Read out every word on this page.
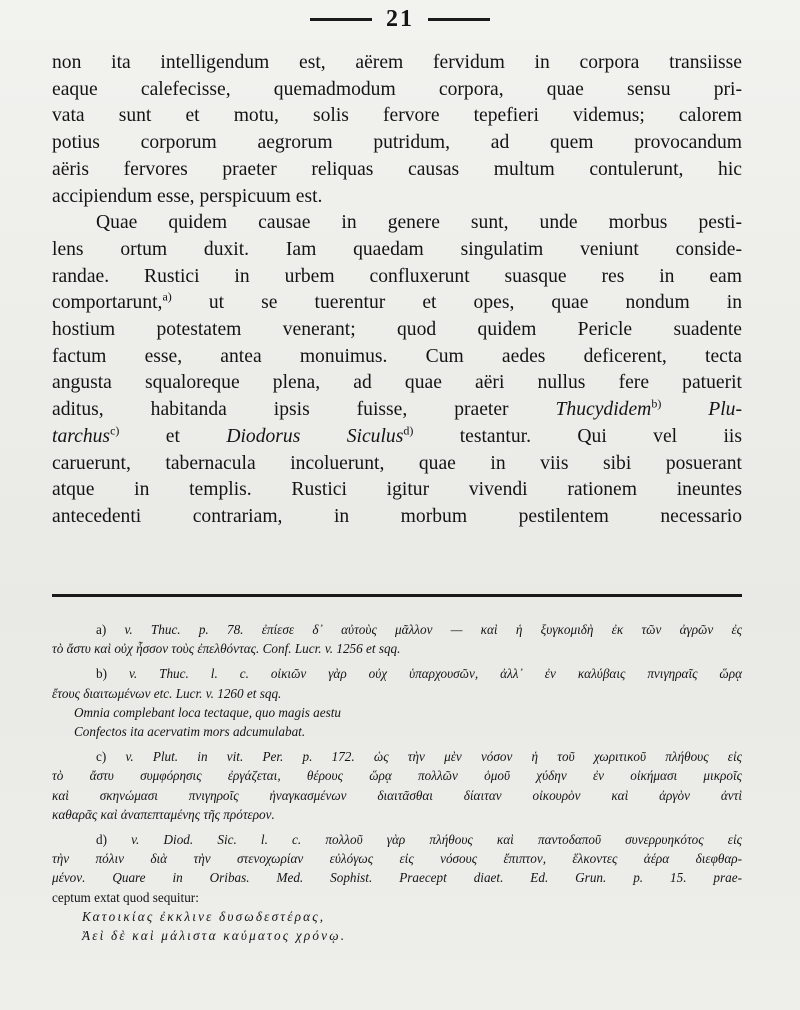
21
non ita intelligendum est, aërem fervidum in corpora transiisse
eaque calefecisse, quemadmodum corpora, quae sensu pri-
vata sunt et motu, solis fervore tepefieri videmus; calorem
potius corporum aegrorum putridum, ad quem provocandum
aëris fervores praeter reliquas causas multum contulerunt, hic
accipiendum esse, perspicuum est.
Quae quidem causae in genere sunt, unde morbus pesti-
lens ortum duxit. Iam quaedam singulatim veniunt conside-
randae. Rustici in urbem confluxerunt suasque res in eam
comportarunt,$^{a)}$ ut se tuerentur et opes, quae nondum in
hostium potestatem venerant; quod quidem Pericle suadente
factum esse, antea monuimus. Cum aedes deficerent, tecta
angusta squaloreque plena, ad quae aëri nullus fere patuerit
aditus, habitanda ipsis fuisse, praeter Thucydidem$^{b)}$ Plu-
tarchus$^{c)}$ et Diodorus Siculus$^{d)}$ testantur. Qui vel iis
caruerunt, tabernacula incoluerunt, quae in viis sibi posuerant
atque in templis. Rustici igitur vivendi rationem ineuntes
antecedenti contrariam, in morbum pestilentem necessario
a) v. Thuc. p. 78. ἐπίεσε δ᾽ αὐτοὺς μᾶλλον — καὶ ἡ ξυγκομιδὴ ἐκ τῶν ἀγρῶν ἐς
τὸ ἄστυ καὶ οὐχ ἧσσον τοὺς ἐπελθόντας. Conf. Lucr. v. 1256 et sqq.
b) v. Thuc. l. c. οἰκιῶν γὰρ οὐχ ὑπαρχουσῶν, ἀλλ᾽ ἐν καλύβαις πνιγηραῖς ὥρᾳ
ἔτους διαιτωμένων etc. Lucr. v. 1260 et sqq.
Omnia complebant loca tectaque, quo magis aestu
Confectos ita acervatim mors adcumulabat.
c) v. Plut. in vit. Per. p. 172. ὡς τὴν μὲν νόσον ἡ τοῦ χωριτικοῦ πλήθους εἰς
τὸ ἄστυ συμφόρησις ἐργάζεται, θέρους ὥρᾳ πολλῶν ὁμοῦ χύδην ἐν οἰκήμασι μικροῖς
καὶ σκηνώμασι πνιγηροῖς ἠναγκασμένων διαιτᾶσθαι δίαιταν οἰκουρὸν καὶ ἀργὸν ἀντὶ
καθαρᾶς καὶ ἀναπεπταμένης τῆς πρότερον.
d) v. Diod. Sic. l. c. πολλοῦ γὰρ πλήθους καὶ παντοδαποῦ συνερρυηκότος εἰς
τὴν πόλιν διὰ τὴν στενοχωρίαν εὐλόγως εἰς νόσους ἔπιπτον, ἕλκοντες ἀέρα διεφθαρ-
μένον. Quare in Oribas. Med. Sophist. Praecept diaet. Ed. Grun. p. 15. prae-
ceptum extat quod sequitur:
Κατοικίας ἐκκλινε δυσωδεστέρας,
Ἀεὶ δὲ καὶ μάλιστα καύματος χρόνῳ.
